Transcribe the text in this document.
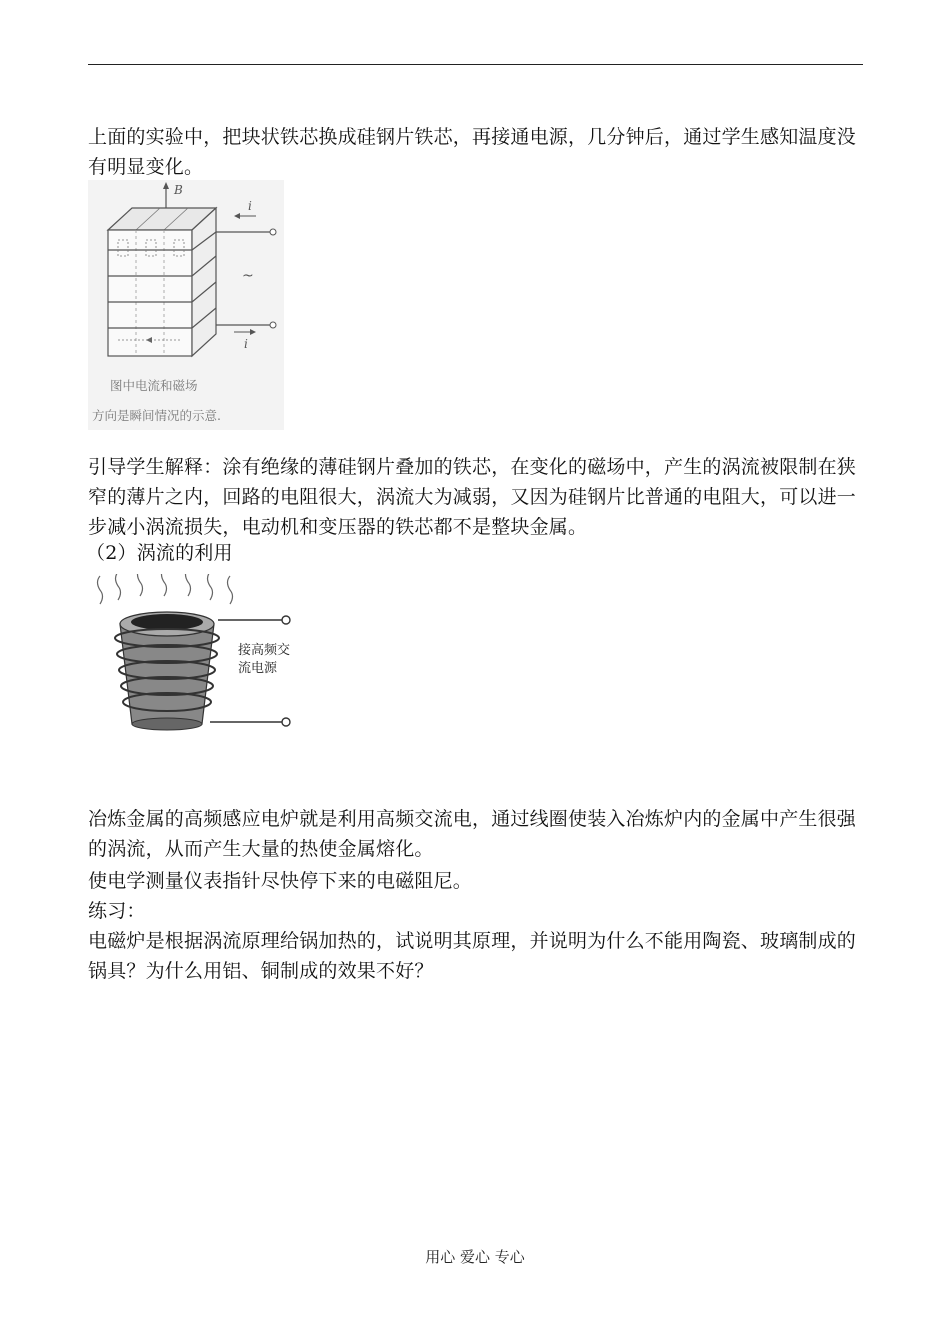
上面的实验中，把块状铁芯换成硅钢片铁芯，再接通电源，几分钟后，通过学生感知温度没有明显变化。

B
i
i
~
图中电流和磁场
方向是瞬间情况的示意.

引导学生解释：涂有绝缘的薄硅钢片叠加的铁芯，在变化的磁场中，产生的涡流被限制在狭窄的薄片之内，回路的电阻很大，涡流大为减弱，又因为硅钢片比普通的电阻大，可以进一步减小涡流损失，电动机和变压器的铁芯都不是整块金属。

（2）涡流的利用

接高频交
流电源

冶炼金属的高频感应电炉就是利用高频交流电，通过线圈使装入冶炼炉内的金属中产生很强的涡流，从而产生大量的热使金属熔化。

使电学测量仪表指针尽快停下来的电磁阻尼。

练习：

电磁炉是根据涡流原理给锅加热的，试说明其原理，并说明为什么不能用陶瓷、玻璃制成的锅具？为什么用铝、铜制成的效果不好？

用心 爱心 专心
